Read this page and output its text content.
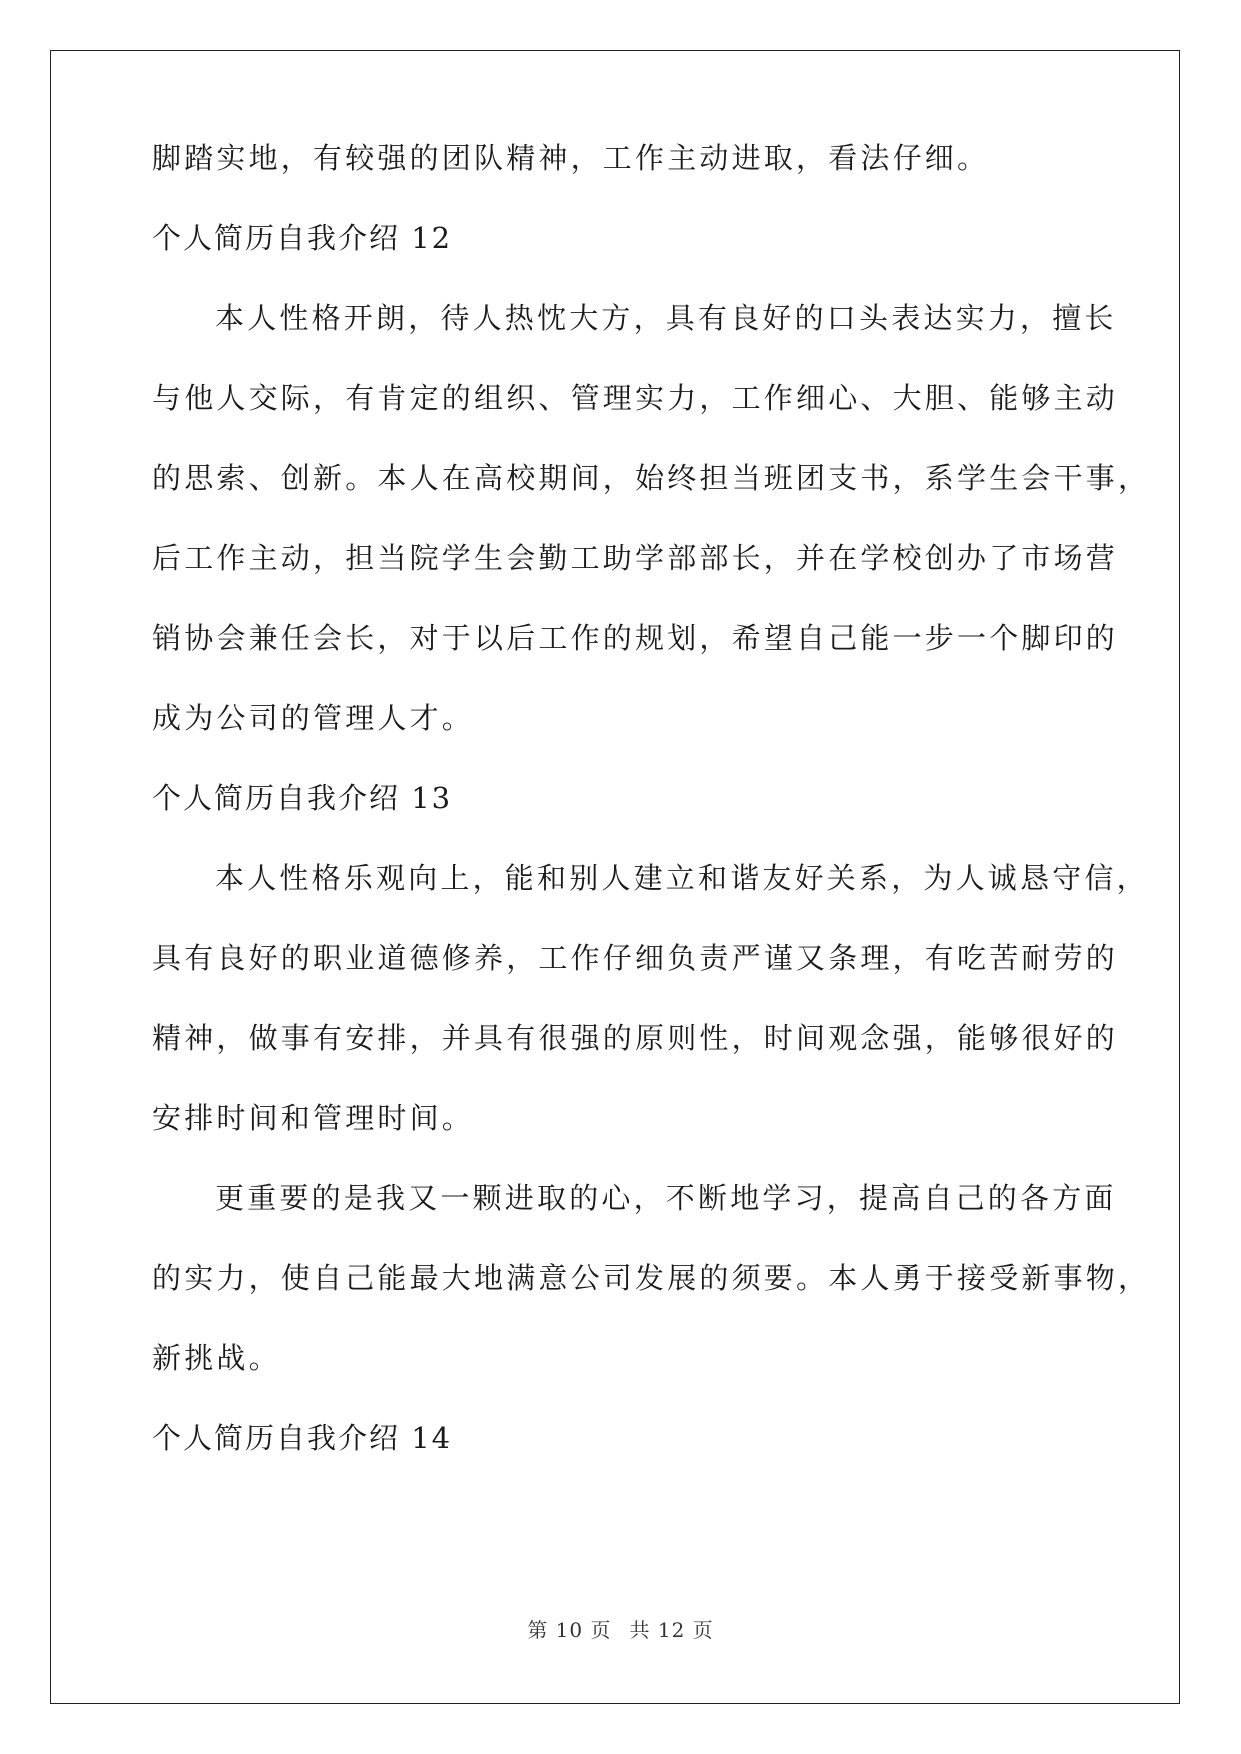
脚踏实地，有较强的团队精神，工作主动进取，看法仔细。
个人简历自我介绍 12
本人性格开朗，待人热忱大方，具有良好的口头表达实力，擅长
与他人交际，有肯定的组织、管理实力，工作细心、大胆、能够主动
的思索、创新。本人在高校期间，始终担当班团支书，系学生会干事，
后工作主动，担当院学生会勤工助学部部长，并在学校创办了市场营
销协会兼任会长，对于以后工作的规划，希望自己能一步一个脚印的
成为公司的管理人才。
个人简历自我介绍 13
本人性格乐观向上，能和别人建立和谐友好关系，为人诚恳守信，
具有良好的职业道德修养，工作仔细负责严谨又条理，有吃苦耐劳的
精神，做事有安排，并具有很强的原则性，时间观念强，能够很好的
安排时间和管理时间。
更重要的是我又一颗进取的心，不断地学习，提高自己的各方面
的实力，使自己能最大地满意公司发展的须要。本人勇于接受新事物，
新挑战。
个人简历自我介绍 14
第 10 页 共 12 页
